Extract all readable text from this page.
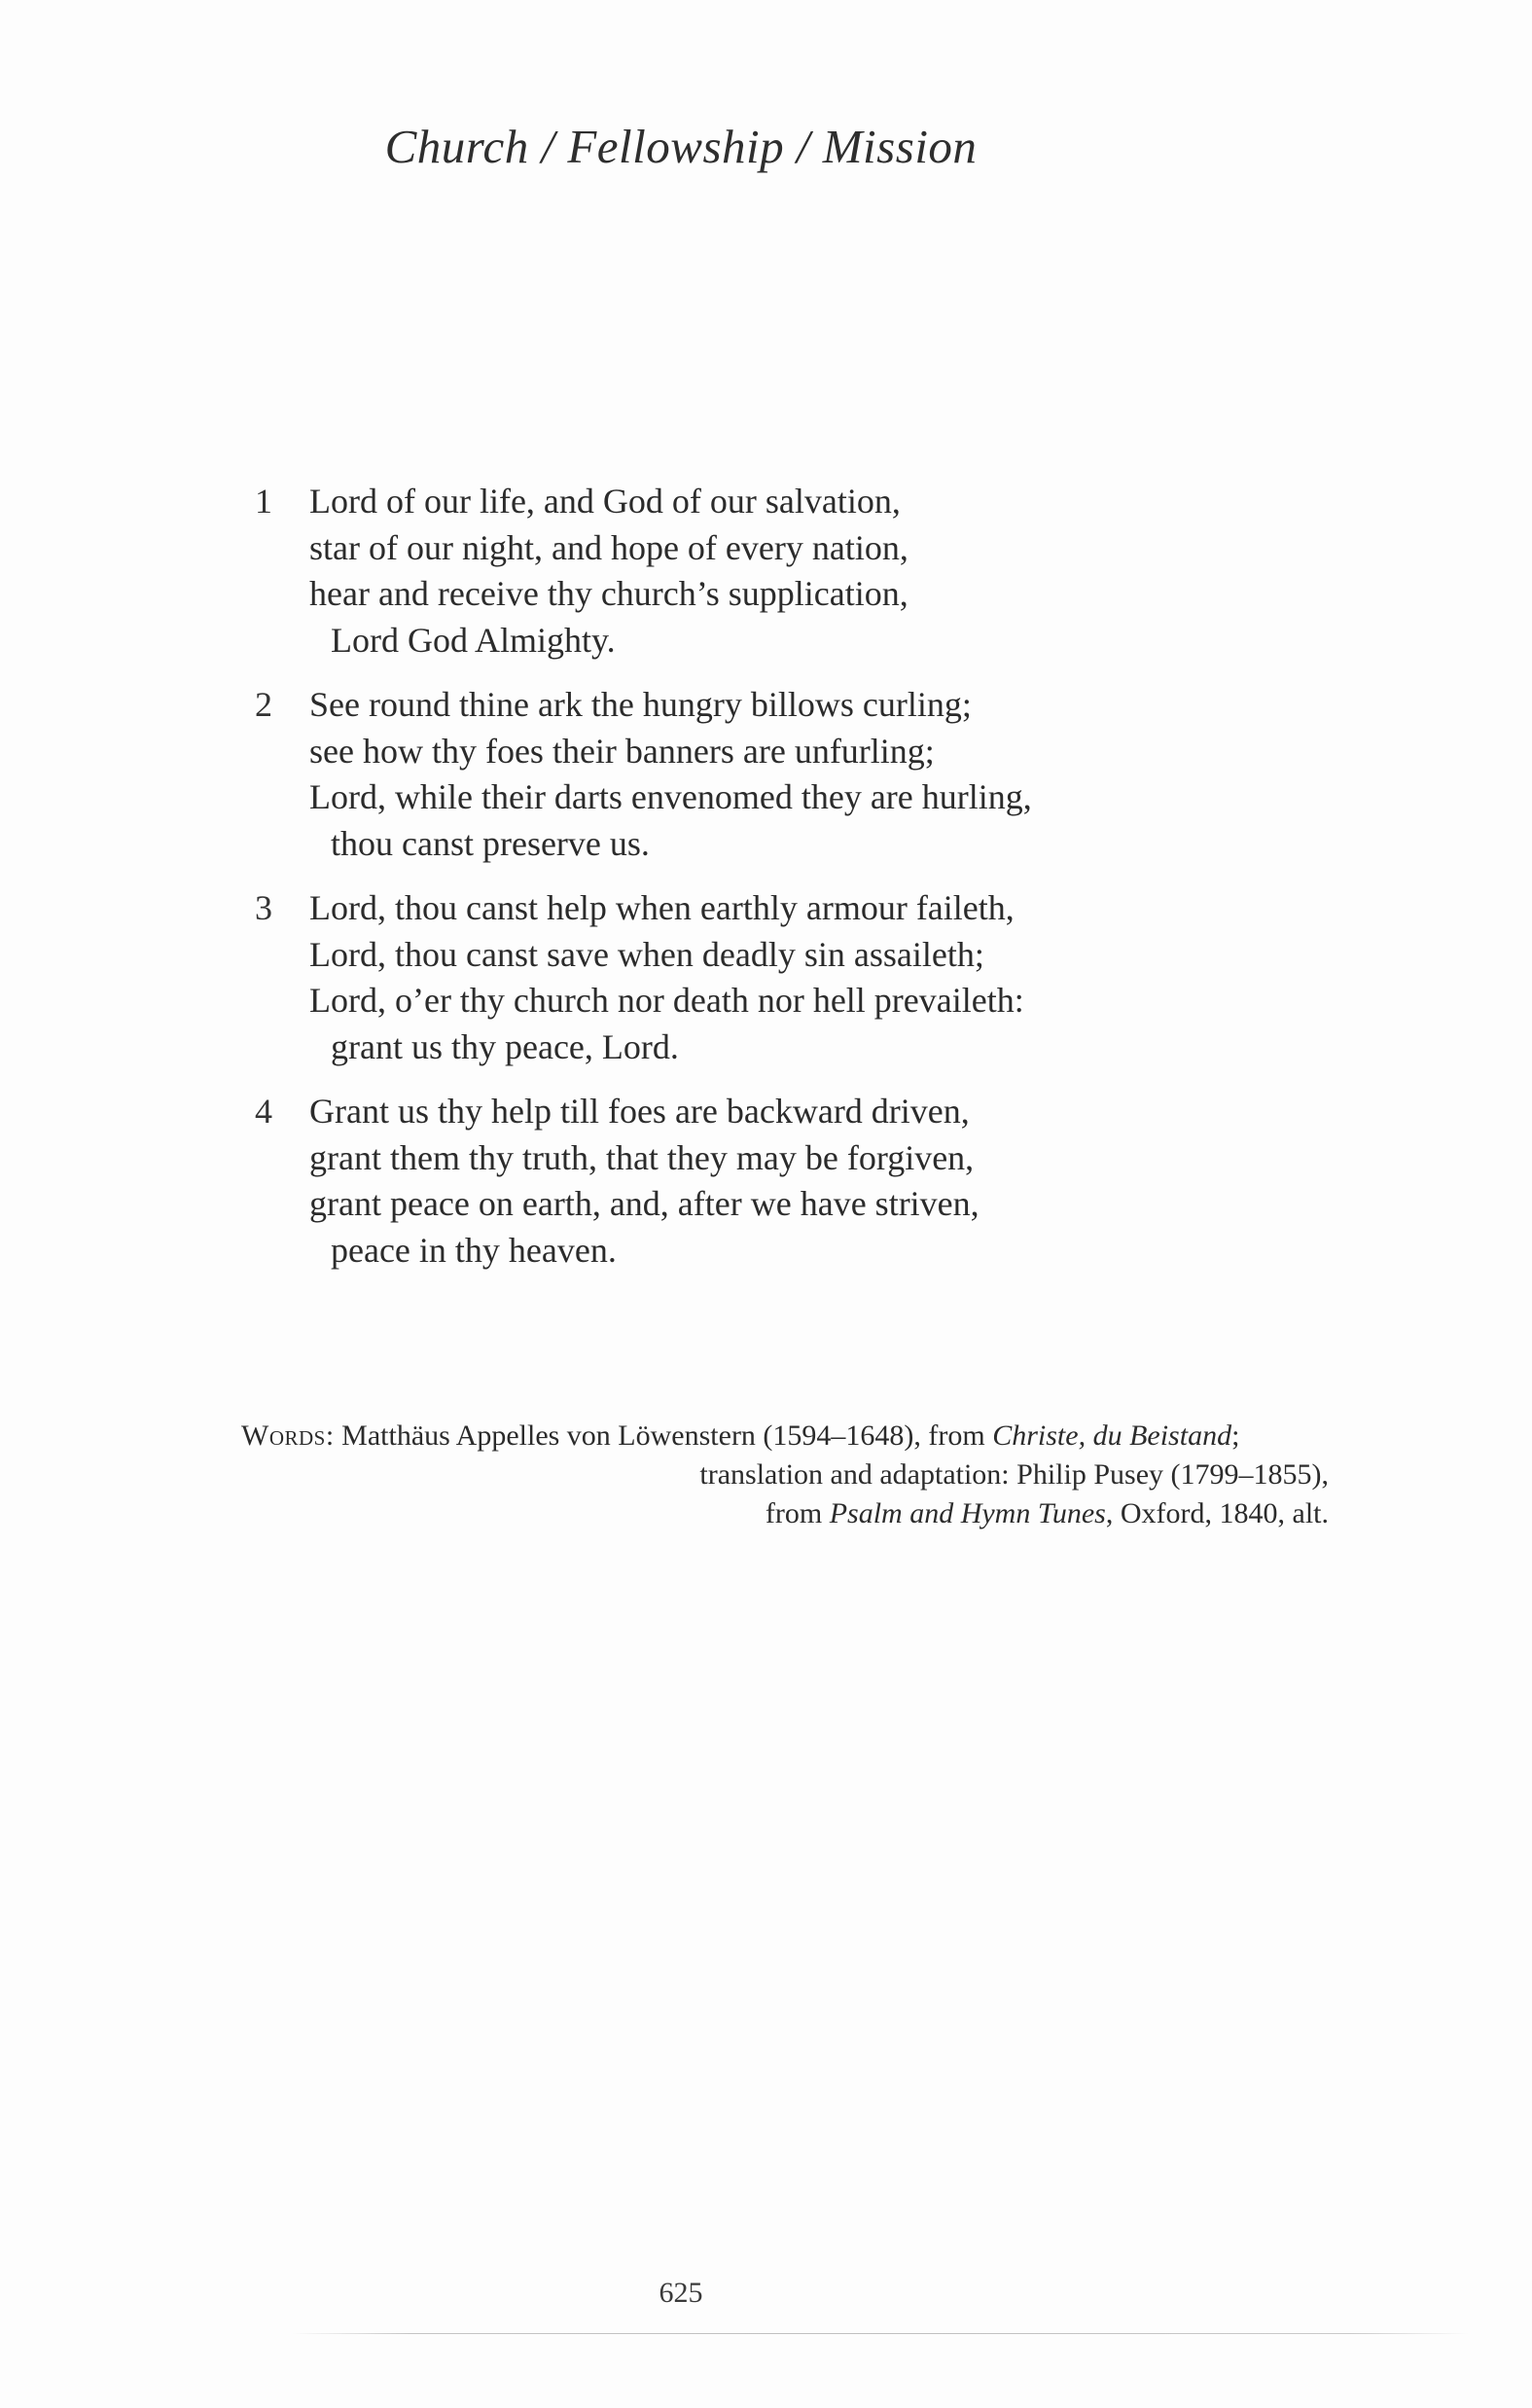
Church / Fellowship / Mission
1 Lord of our life, and God of our salvation,
star of our night, and hope of every nation,
hear and receive thy church’s supplication,
Lord God Almighty.
2 See round thine ark the hungry billows curling;
see how thy foes their banners are unfurling;
Lord, while their darts envenomed they are hurling,
thou canst preserve us.
3 Lord, thou canst help when earthly armour faileth,
Lord, thou canst save when deadly sin assaileth;
Lord, o’er thy church nor death nor hell prevaileth:
grant us thy peace, Lord.
4 Grant us thy help till foes are backward driven,
grant them thy truth, that they may be forgiven,
grant peace on earth, and, after we have striven,
peace in thy heaven.
Words: Matthäus Appelles von Löwenstern (1594–1648), from Christe, du Beistand;
translation and adaptation: Philip Pusey (1799–1855),
from Psalm and Hymn Tunes, Oxford, 1840, alt.
625
